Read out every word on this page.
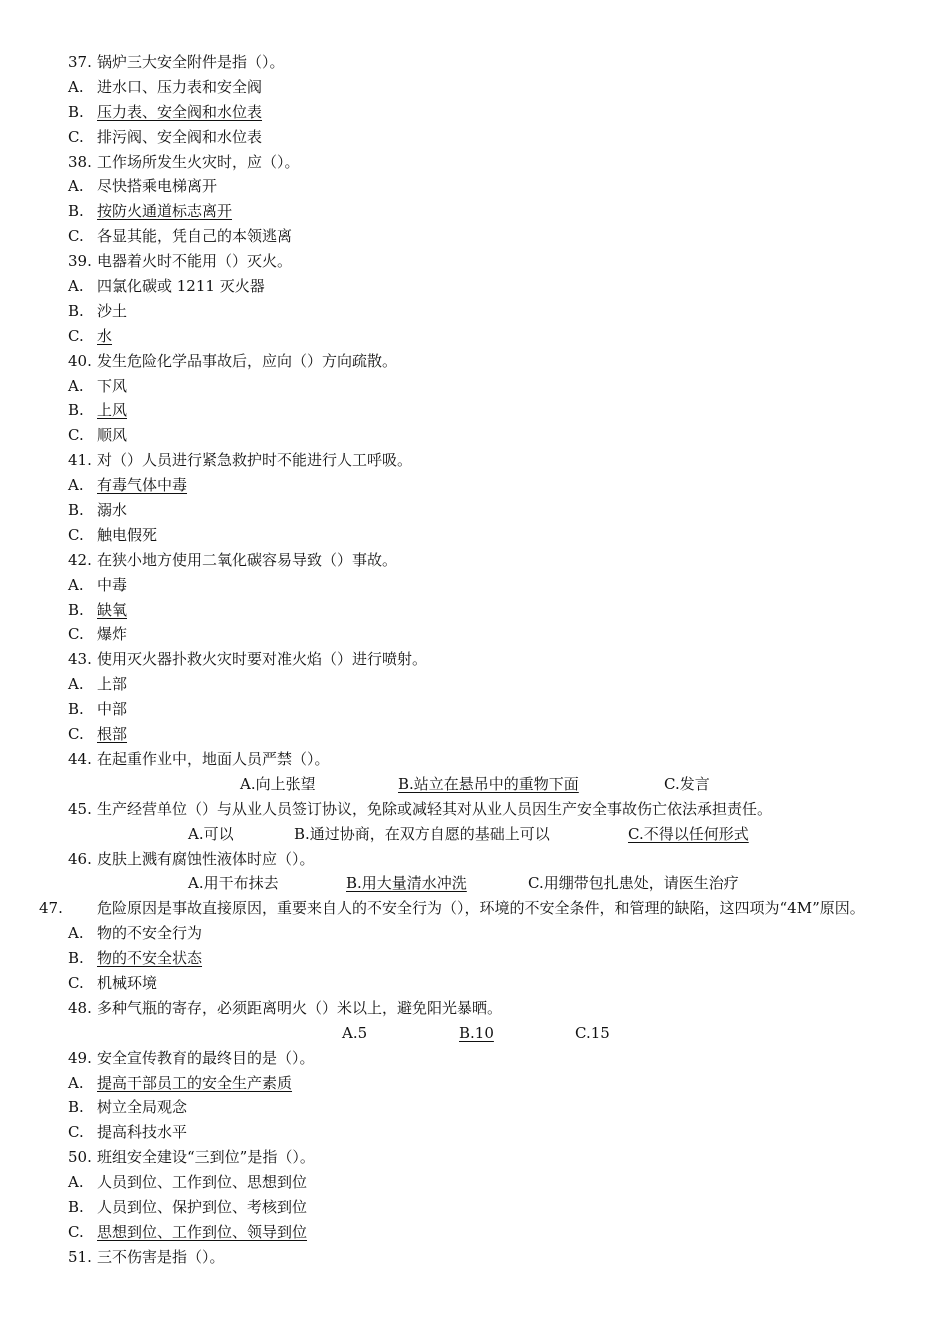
37. 锅炉三大安全附件是指（）。
A. 进水口、压力表和安全阀
B. 压力表、安全阀和水位表
C. 排污阀、安全阀和水位表
38. 工作场所发生火灾时，应（）。
A. 尽快搭乘电梯离开
B. 按防火通道标志离开
C. 各显其能，凭自己的本领逃离
39. 电器着火时不能用（）灭火。
A. 四氯化碳或 1211 灭火器
B. 沙土
C. 水
40. 发生危险化学品事故后，应向（）方向疏散。
A. 下风
B. 上风
C. 顺风
41. 对（）人员进行紧急救护时不能进行人工呼吸。
A. 有毒气体中毒
B. 溺水
C. 触电假死
42. 在狭小地方使用二氧化碳容易导致（）事故。
A. 中毒
B. 缺氧
C. 爆炸
43. 使用灭火器扑救火灾时要对准火焰（）进行喷射。
A. 上部
B. 中部
C. 根部
44. 在起重作业中，地面人员严禁（）。
A.向上张望	B.站立在悬吊中的重物下面	C.发言
45. 生产经营单位（）与从业人员签订协议，免除或减轻其对从业人员因生产安全事故伤亡依法承担责任。
A.可以	B.通过协商，在双方自愿的基础上可以	C.不得以任何形式
46. 皮肤上溅有腐蚀性液体时应（）。
A.用干布抹去	B.用大量清水冲洗	C.用绷带包扎患处，请医生治疗
47. 危险原因是事故直接原因，重要来自人的不安全行为（），环境的不安全条件，和管理的缺陷，这四项为“4M”原因。
A. 物的不安全行为
B. 物的不安全状态
C. 机械环境
48. 多种气瓶的寄存，必须距离明火（）米以上，避免阳光暴晒。
A.5	B.10	C.15
49. 安全宣传教育的最终目的是（）。
A. 提高干部员工的安全生产素质
B. 树立全局观念
C. 提高科技水平
50. 班组安全建设“三到位”是指（）。
A. 人员到位、工作到位、思想到位
B. 人员到位、保护到位、考核到位
C. 思想到位、工作到位、领导到位
51. 三不伤害是指（）。
